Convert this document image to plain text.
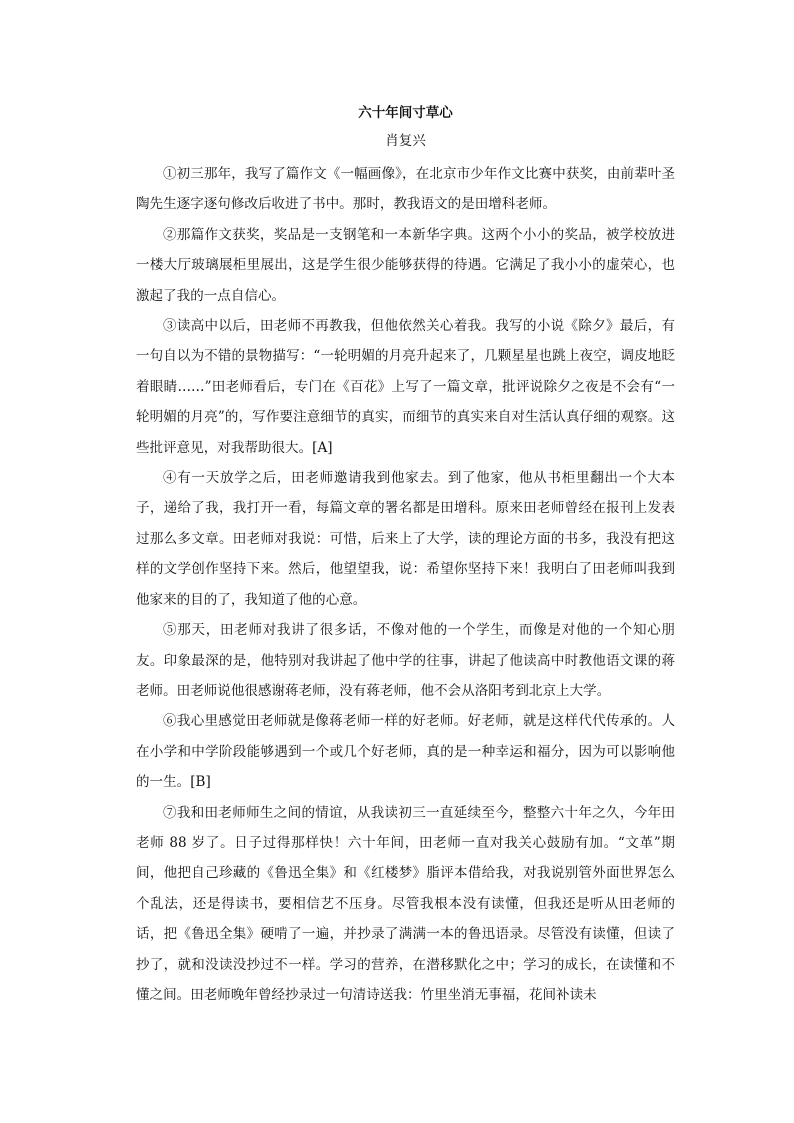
六十年间寸草心
肖复兴

①初三那年，我写了篇作文《一幅画像》，在北京市少年作文比赛中获奖，由前辈叶圣陶先生逐字逐句修改后收进了书中。那时，教我语文的是田增科老师。

②那篇作文获奖，奖品是一支钢笔和一本新华字典。这两个小小的奖品，被学校放进一楼大厅玻璃展柜里展出，这是学生很少能够获得的待遇。它满足了我小小的虚荣心，也激起了我的一点自信心。

③读高中以后，田老师不再教我，但他依然关心着我。我写的小说《除夕》最后，有一句自以为不错的景物描写：“一轮明媚的月亮升起来了，几颗星星也跳上夜空，调皮地眨着眼睛……”田老师看后，专门在《百花》上写了一篇文章，批评说除夕之夜是不会有“一轮明媚的月亮”的，写作要注意细节的真实，而细节的真实来自对生活认真仔细的观察。这些批评意见，对我帮助很大。[A]

④有一天放学之后，田老师邀请我到他家去。到了他家，他从书柜里翻出一个大本子，递给了我，我打开一看，每篇文章的署名都是田增科。原来田老师曾经在报刊上发表过那么多文章。田老师对我说：可惜，后来上了大学，读的理论方面的书多，我没有把这样的文学创作坚持下来。然后，他望望我，说：希望你坚持下来！我明白了田老师叫我到他家来的目的了，我知道了他的心意。

⑤那天，田老师对我讲了很多话，不像对他的一个学生，而像是对他的一个知心朋友。印象最深的是，他特别对我讲起了他中学的往事，讲起了他读高中时教他语文课的蒋老师。田老师说他很感谢蒋老师，没有蒋老师，他不会从洛阳考到北京上大学。

⑥我心里感觉田老师就是像蒋老师一样的好老师。好老师，就是这样代代传承的。人在小学和中学阶段能够遇到一个或几个好老师，真的是一种幸运和福分，因为可以影响他的一生。[B]

⑦我和田老师师生之间的情谊，从我读初三一直延续至今，整整六十年之久，今年田老师 88 岁了。日子过得那样快！六十年间，田老师一直对我关心鼓励有加。“文革”期间，他把自己珍藏的《鲁迅全集》和《红楼梦》脂评本借给我，对我说别管外面世界怎么个乱法，还是得读书，要相信艺不压身。尽管我根本没有读懂，但我还是听从田老师的话，把《鲁迅全集》硬啃了一遍，并抄录了满满一本的鲁迅语录。尽管没有读懂，但读了抄了，就和没读没抄过不一样。学习的营养，在潜移默化之中；学习的成长，在读懂和不懂之间。田老师晚年曾经抄录过一句清诗送我：竹里坐消无事福，花间补读未
